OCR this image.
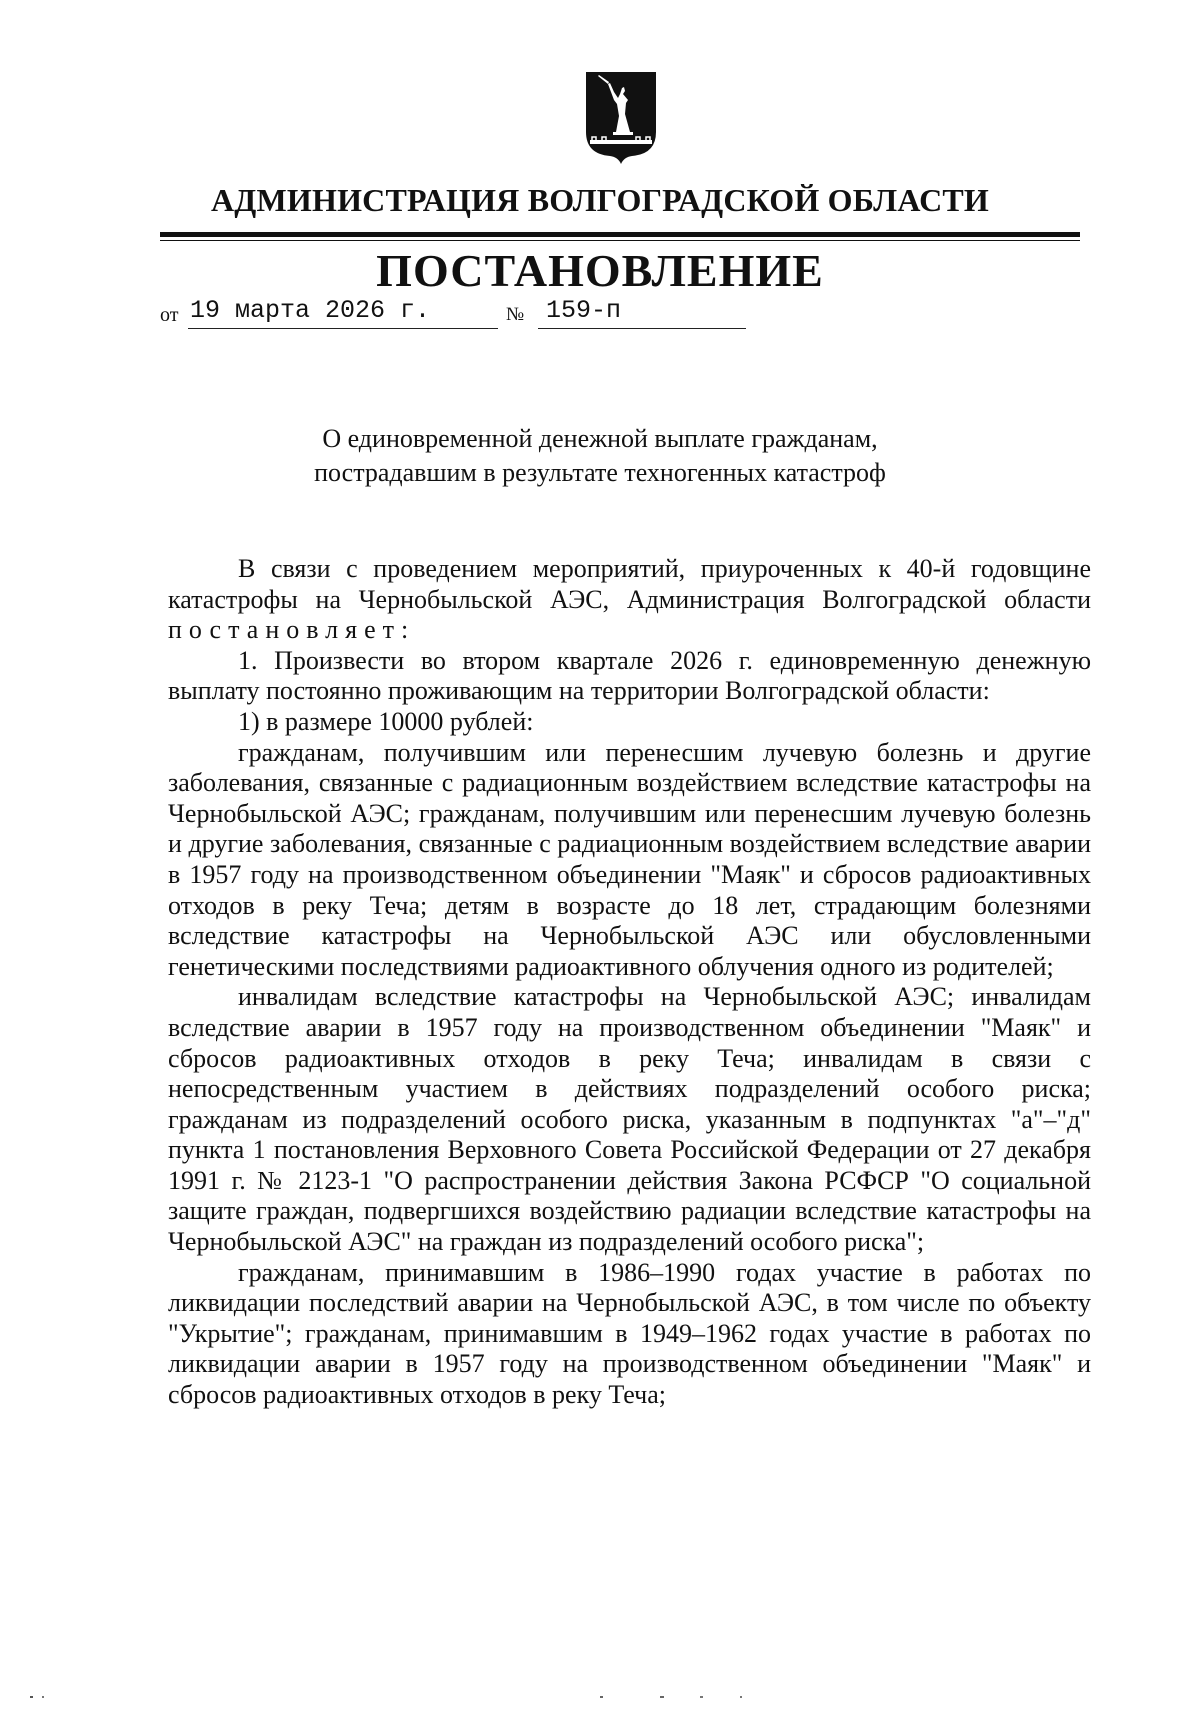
АДМИНИСТРАЦИЯ ВОЛГОГРАДСКОЙ ОБЛАСТИ
ПОСТАНОВЛЕНИЕ
от 19 марта 2026 г.	№ 159-п
О единовременной денежной выплате гражданам,
пострадавшим в результате техногенных катастроф

В связи с проведением мероприятий, приуроченных к 40-й годовщине катастрофы на Чернобыльской АЭС, Администрация Волгоградской области постановляет:

1. Произвести во втором квартале 2026 г. единовременную денежную выплату постоянно проживающим на территории Волгоградской области:

1) в размере 10000 рублей:

гражданам, получившим или перенесшим лучевую болезнь и другие заболевания, связанные с радиационным воздействием вследствие катастрофы на Чернобыльской АЭС; гражданам, получившим или перенесшим лучевую болезнь и другие заболевания, связанные с радиационным воздействием вследствие аварии в 1957 году на производственном объединении "Маяк" и сбросов радиоактивных отходов в реку Теча; детям в возрасте до 18 лет, страдающим болезнями вследствие катастрофы на Чернобыльской АЭС или обусловленными генетическими последствиями радиоактивного облучения одного из родителей;

инвалидам вследствие катастрофы на Чернобыльской АЭС; инвалидам вследствие аварии в 1957 году на производственном объединении "Маяк" и сбросов радиоактивных отходов в реку Теча; инвалидам в связи с непосредственным участием в действиях подразделений особого риска; гражданам из подразделений особого риска, указанным в подпунктах "а"–"д" пункта 1 постановления Верховного Совета Российской Федерации от 27 декабря 1991 г. № 2123-1 "О распространении действия Закона РСФСР "О социальной защите граждан, подвергшихся воздействию радиации вследствие катастрофы на Чернобыльской АЭС" на граждан из подразделений особого риска";

гражданам, принимавшим в 1986–1990 годах участие в работах по ликвидации последствий аварии на Чернобыльской АЭС, в том числе по объекту "Укрытие"; гражданам, принимавшим в 1949–1962 годах участие в работах по ликвидации аварии в 1957 году на производственном объединении "Маяк" и сбросов радиоактивных отходов в реку Теча;
